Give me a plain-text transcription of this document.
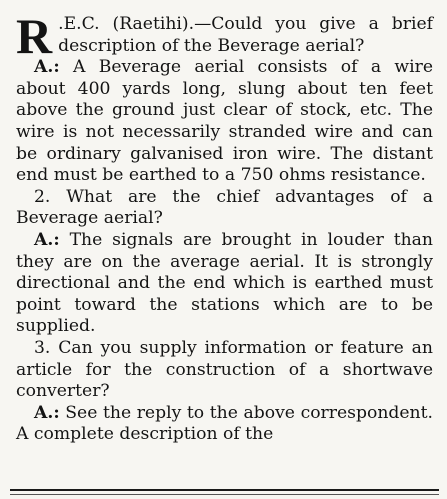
R .E.C. (Raetihi).—Could you give a brief description of the Beverage aerial?

A.: A Beverage aerial consists of a wire about 400 yards long, slung about ten feet above the ground just clear of stock, etc. The wire is not necessarily stranded wire and can be ordinary galvanised iron wire. The distant end must be earthed to a 750 ohms resistance.

2. What are the chief advantages of a Beverage aerial?

A.: The signals are brought in louder than they are on the average aerial. It is strongly directional and the end which is earthed must point toward the stations which are to be supplied.

3. Can you supply information or feature an article for the construction of a shortwave converter?

A.: See the reply to the above correspondent. A complete description of the
